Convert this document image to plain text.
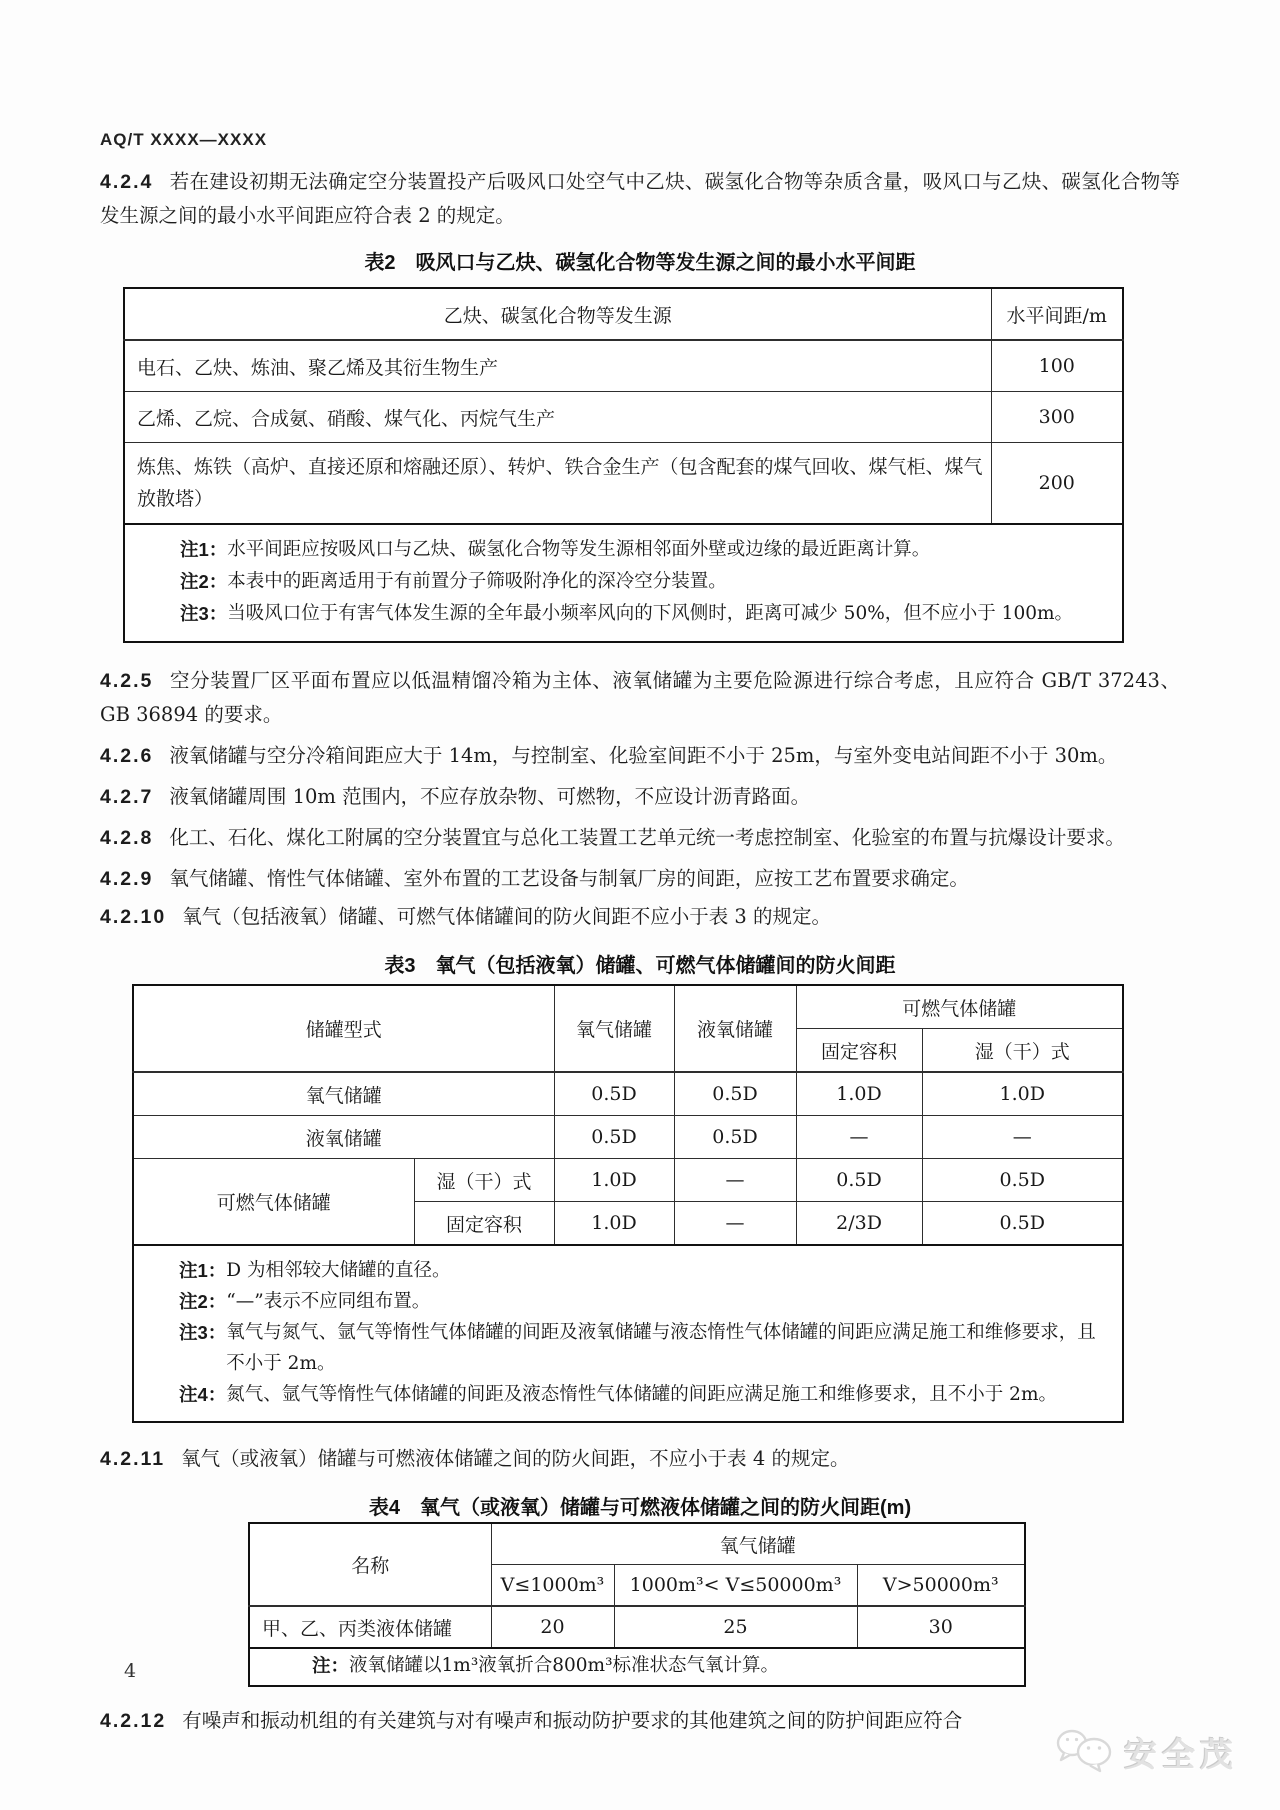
AQ/T XXXX—XXXX

4.2.4 若在建设初期无法确定空分装置投产后吸风口处空气中乙炔、碳氢化合物等杂质含量，吸风口与乙炔、碳氢化合物等发生源之间的最小水平间距应符合表 2 的规定。

表2 吸风口与乙炔、碳氢化合物等发生源之间的最小水平间距
乙炔、碳氢化合物等发生源	水平间距/m
电石、乙炔、炼油、聚乙烯及其衍生物生产	100
乙烯、乙烷、合成氨、硝酸、煤气化、丙烷气生产	300
炼焦、炼铁（高炉、直接还原和熔融还原）、转炉、铁合金生产（包含配套的煤气回收、煤气柜、煤气放散塔）	200

注1： 水平间距应按吸风口与乙炔、碳氢化合物等发生源相邻面外壁或边缘的最近距离计算。
注2： 本表中的距离适用于有前置分子筛吸附净化的深冷空分装置。
注3： 当吸风口位于有害气体发生源的全年最小频率风向的下风侧时，距离可减少 50%，但不应小于 100m。

4.2.5 空分装置厂区平面布置应以低温精馏冷箱为主体、液氧储罐为主要危险源进行综合考虑，且应符合 GB/T 37243、GB 36894 的要求。

4.2.6 液氧储罐与空分冷箱间距应大于 14m，与控制室、化验室间距不小于 25m，与室外变电站间距不小于 30m。

4.2.7 液氧储罐周围 10m 范围内，不应存放杂物、可燃物，不应设计沥青路面。

4.2.8 化工、石化、煤化工附属的空分装置宜与总化工装置工艺单元统一考虑控制室、化验室的布置与抗爆设计要求。

4.2.9 氧气储罐、惰性气体储罐、室外布置的工艺设备与制氧厂房的间距，应按工艺布置要求确定。

4.2.10 氧气（包括液氧）储罐、可燃气体储罐间的防火间距不应小于表 3 的规定。

表3 氧气（包括液氧）储罐、可燃气体储罐间的防火间距
储罐型式		氧气储罐	液氧储罐	可燃气体储罐	
				固定容积	湿（干）式
氧气储罐		0.5D	0.5D	1.0D	1.0D
液氧储罐		0.5D	0.5D	—	—
可燃气体储罐	湿（干）式	1.0D	—	0.5D	0.5D
	固定容积	1.0D	—	2/3D	0.5D

注1： D 为相邻较大储罐的直径。
注2： “—”表示不应同组布置。
注3： 氧气与氮气、氩气等惰性气体储罐的间距及液氧储罐与液态惰性气体储罐的间距应满足施工和维修要求，且不小于 2m。
注4： 氮气、氩气等惰性气体储罐的间距及液态惰性气体储罐的间距应满足施工和维修要求，且不小于 2m。

4.2.11 氧气（或液氧）储罐与可燃液体储罐之间的防火间距，不应小于表 4 的规定。

表4 氧气（或液氧）储罐与可燃液体储罐之间的防火间距(m)
名称	氧气储罐		
	V≤1000m³	1000m³< V≤50000m³	V>50000m³
甲、乙、丙类液体储罐	20	25	30

注： 液氧储罐以1m³液氧折合800m³标准状态气氧计算。			

4.2.12 有噪声和振动机组的有关建筑与对有噪声和振动防护要求的其他建筑之间的防护间距应符合

4
安全茂
